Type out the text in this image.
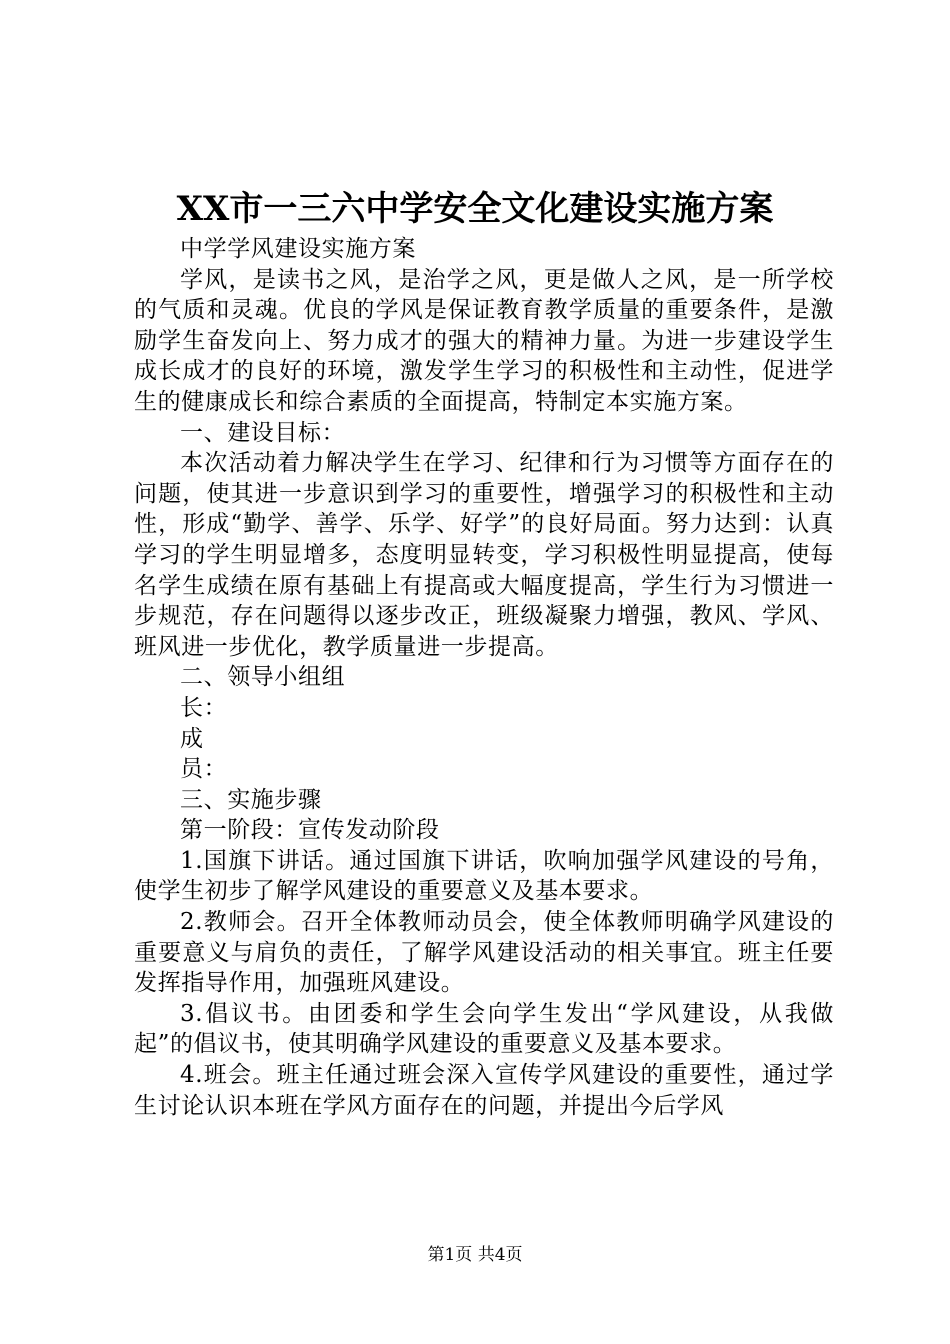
XX市一三六中学安全文化建设实施方案

中学学风建设实施方案

学风，是读书之风，是治学之风，更是做人之风，是一所学校的气质和灵魂。优良的学风是保证教育教学质量的重要条件，是激励学生奋发向上、努力成才的强大的精神力量。为进一步建设学生成长成才的良好的环境，激发学生学习的积极性和主动性，促进学生的健康成长和综合素质的全面提高，特制定本实施方案。

一、建设目标：

本次活动着力解决学生在学习、纪律和行为习惯等方面存在的问题，使其进一步意识到学习的重要性，增强学习的积极性和主动性，形成“勤学、善学、乐学、好学”的良好局面。努力达到：认真学习的学生明显增多，态度明显转变，学习积极性明显提高，使每名学生成绩在原有基础上有提高或大幅度提高，学生行为习惯进一步规范，存在问题得以逐步改正，班级凝聚力增强，教风、学风、班风进一步优化，教学质量进一步提高。

二、领导小组组

长：

成

员：

三、实施步骤

第一阶段：宣传发动阶段

1.国旗下讲话。通过国旗下讲话，吹响加强学风建设的号角，使学生初步了解学风建设的重要意义及基本要求。

2.教师会。召开全体教师动员会，使全体教师明确学风建设的重要意义与肩负的责任，了解学风建设活动的相关事宜。班主任要发挥指导作用，加强班风建设。

3.倡议书。由团委和学生会向学生发出“学风建设，从我做起”的倡议书，使其明确学风建设的重要意义及基本要求。

4.班会。班主任通过班会深入宣传学风建设的重要性，通过学生讨论认识本班在学风方面存在的问题，并提出今后学风

第1页 共4页
